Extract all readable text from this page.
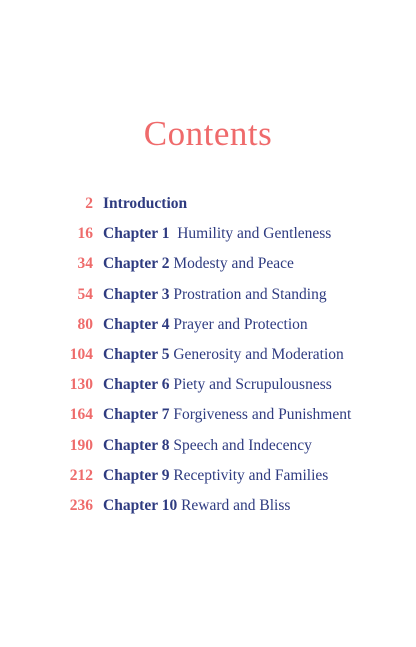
Contents
2 Introduction
16 Chapter 1 Humility and Gentleness
34 Chapter 2 Modesty and Peace
54 Chapter 3 Prostration and Standing
80 Chapter 4 Prayer and Protection
104 Chapter 5 Generosity and Moderation
130 Chapter 6 Piety and Scrupulousness
164 Chapter 7 Forgiveness and Punishment
190 Chapter 8 Speech and Indecency
212 Chapter 9 Receptivity and Families
236 Chapter 10 Reward and Bliss
